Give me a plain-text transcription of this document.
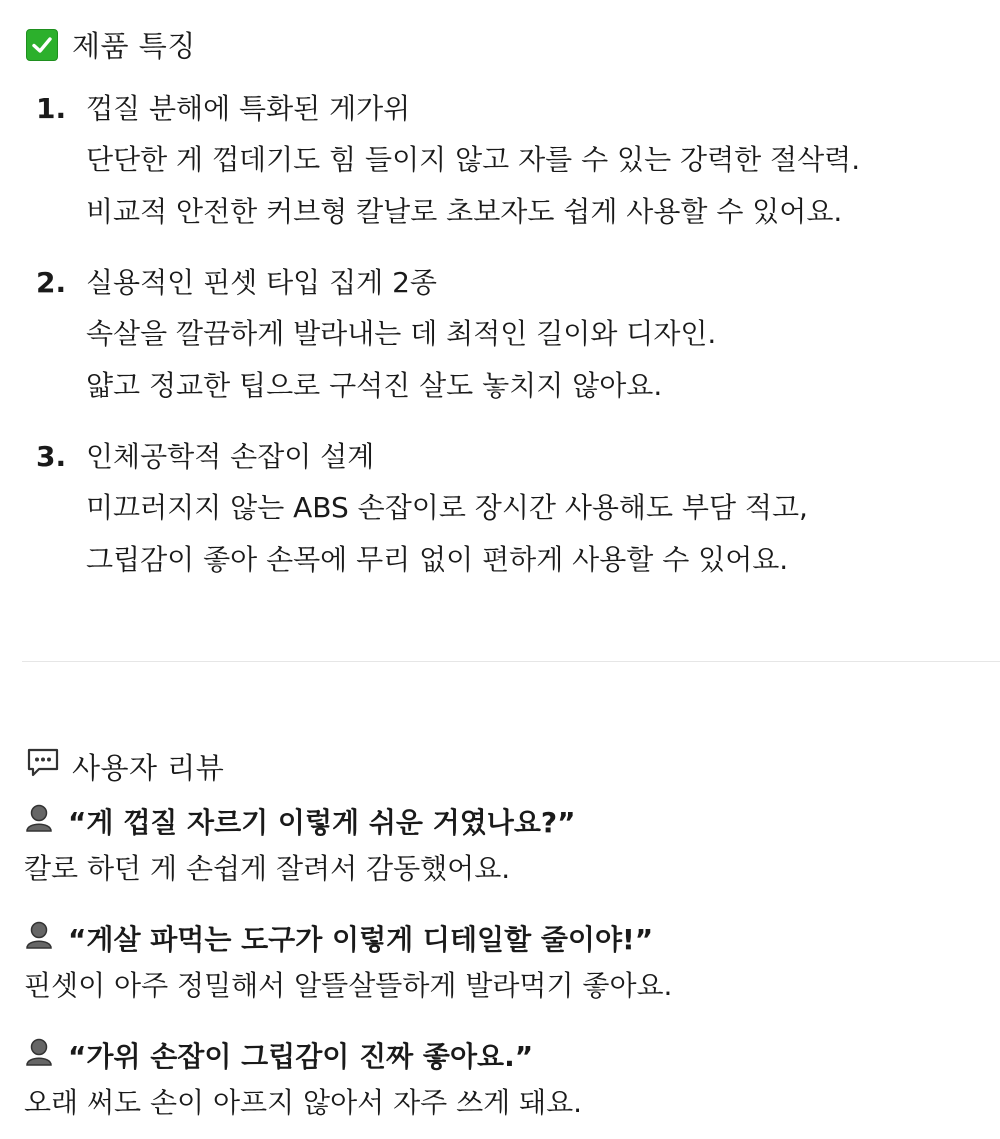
제품 특징
1. 껍질 분해에 특화된 게가위
단단한 게 껍데기도 힘 들이지 않고 자를 수 있는 강력한 절삭력.
비교적 안전한 커브형 칼날로 초보자도 쉽게 사용할 수 있어요.
2. 실용적인 핀셋 타입 집게 2종
속살을 깔끔하게 발라내는 데 최적인 길이와 디자인.
얇고 정교한 팁으로 구석진 살도 놓치지 않아요.
3. 인체공학적 손잡이 설계
미끄러지지 않는 ABS 손잡이로 장시간 사용해도 부담 적고,
그립감이 좋아 손목에 무리 없이 편하게 사용할 수 있어요.
사용자 리뷰
“게 껍질 자르기 이렇게 쉬운 거였나요?”
칼로 하던 게 손쉽게 잘려서 감동했어요.
“게살 파먹는 도구가 이렇게 디테일할 줄이야!”
핀셋이 아주 정밀해서 알뜰살뜰하게 발라먹기 좋아요.
“가위 손잡이 그립감이 진짜 좋아요.”
오래 써도 손이 아프지 않아서 자주 쓰게 돼요.
